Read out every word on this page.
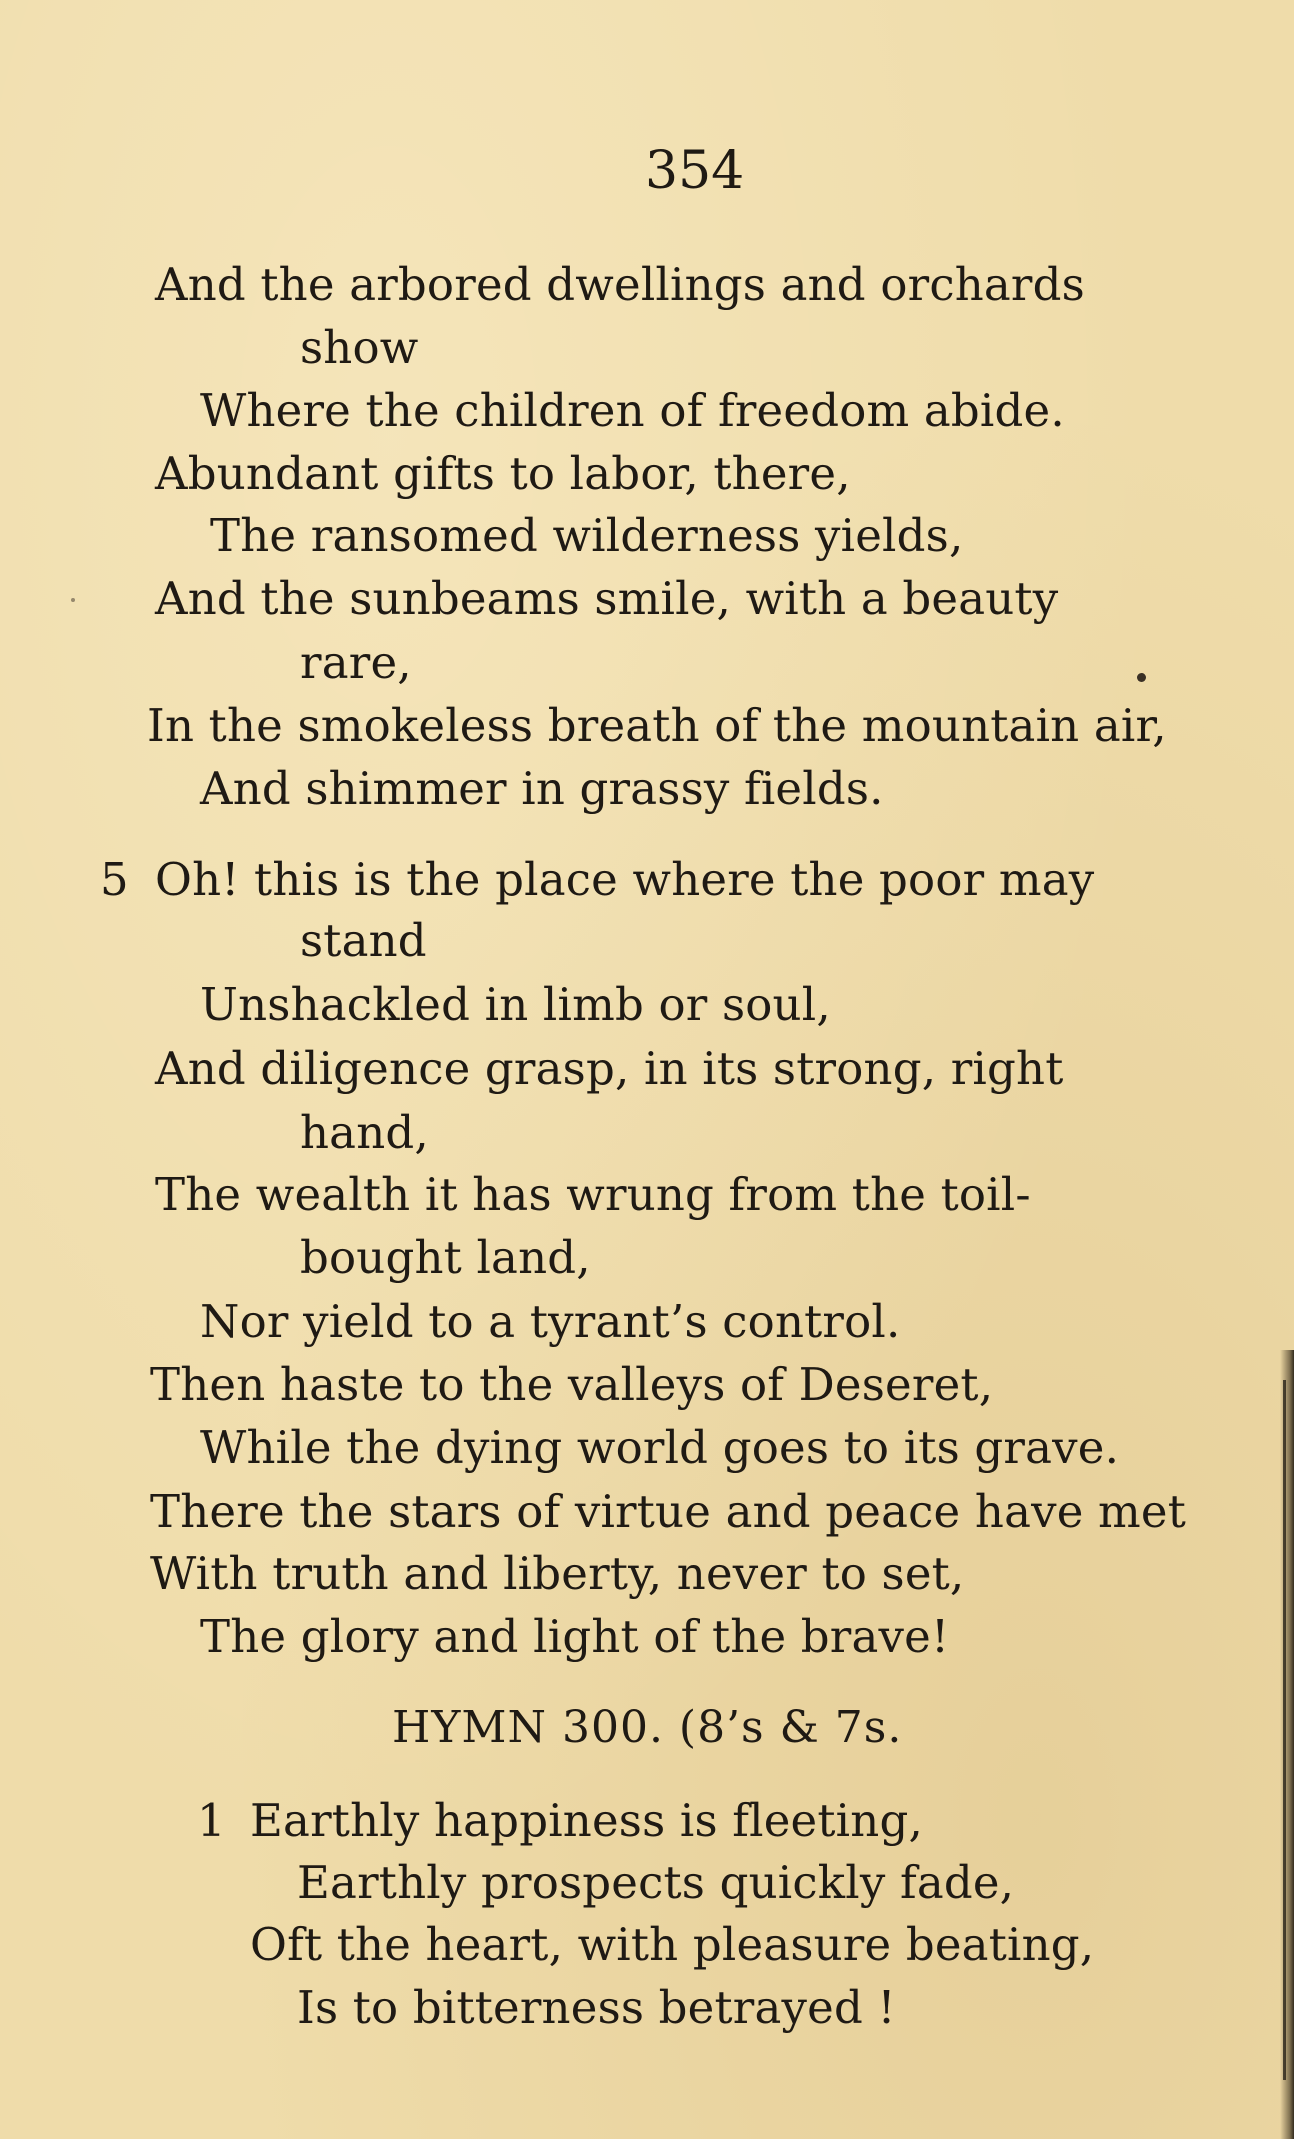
354
And the arbored dwellings and orchards
show
Where the children of freedom abide.
Abundant gifts to labor, there,
The ransomed wilderness yields,
And the sunbeams smile, with a beauty
rare,
In the smokeless breath of the mountain air,
And shimmer in grassy fields.
5 Oh! this is the place where the poor may
stand
Unshackled in limb or soul,
And diligence grasp, in its strong, right
hand,
The wealth it has wrung from the toil-
bought land,
Nor yield to a tyrant’s control.
Then haste to the valleys of Deseret,
While the dying world goes to its grave.
There the stars of virtue and peace have met
With truth and liberty, never to set,
The glory and light of the brave!
HYMN 300. (8’s & 7s.
1 Earthly happiness is fleeting,
Earthly prospects quickly fade,
Oft the heart, with pleasure beating,
Is to bitterness betrayed !
